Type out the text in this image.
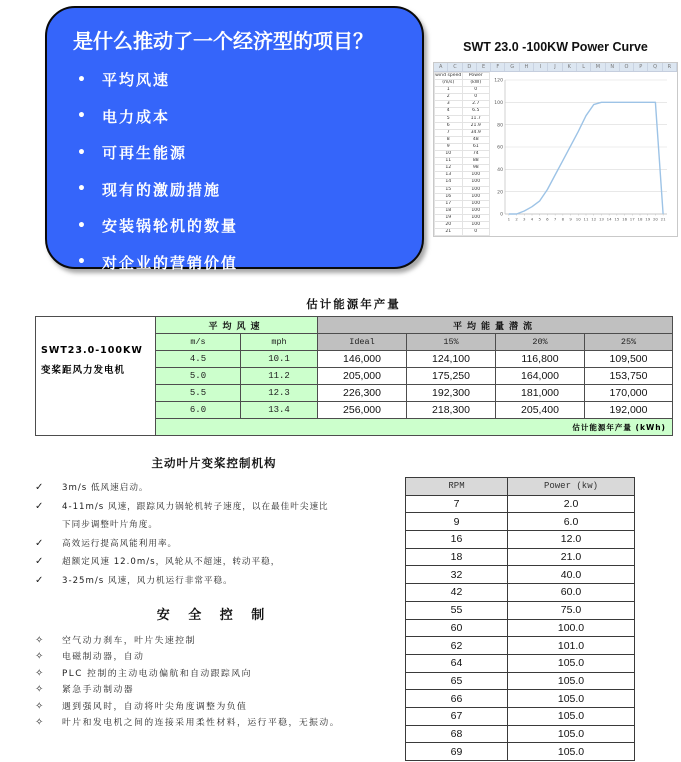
是什么推动了一个经济型的项目？
• 平均风速
• 电力成本
• 可再生能源
• 现有的激励措施
• 安装锅轮机的数量
• 对企业的营销价值
SWT 23.0 -100KW Power Curve
A	C	D	E	F	G	H	I	J	K	L	M	N	O	P	Q	R
wind speed	Power
(m/s)	(kW)
1	0
2	0
3	2.7
4	6.5
5	11.7
6	21.9
7	34.9
8	48
9	61
10	74
11	88
12	98
13	100
14	100
15	100
16	100
17	100
18	100
19	100
20	100
21	0
0
20
40
60
80
100
120
1 2 3 4 5 6 7 8 9 10 11 12 13 14 15 16 17 18 19 20 21
估计能源年产量
SWT23.0-100KW 变桨距风力发电机	平均风速		平均能量潜流			
	m/s	mph	Ideal	15%	20%	25%
	4.5	10.1	146,000	124,100	116,800	109,500
	5.0	11.2	205,000	175,250	164,000	153,750
	5.5	12.3	226,300	192,300	181,000	170,000
	6.0	13.4	256,000	218,300	205,400	192,000
	估计能源年产量 (kWh)					
主动叶片变桨控制机构
✓ 3m/s 低风速启动。
✓ 4-11m/s 风速，跟踪风力锅轮机转子速度，以在最佳叶尖速比下同步调整叶片角度。
✓ 高效运行提高风能利用率。
✓ 超额定风速 12.0m/s，风轮从不超速，转动平稳，
✓ 3-25m/s 风速，风力机运行非常平稳。
安 全 控 制
✧ 空气动力刹车，叶片失速控制
✧ 电磁制动器，自动
✧ PLC 控制的主动电动偏航和自动跟踪风向
✧ 紧急手动制动器
✧ 遇到强风时，自动将叶尖角度调整为负值
✧ 叶片和发电机之间的连接采用柔性材料，运行平稳，无振动。
RPM	Power (kw)
7	2.0
9	6.0
16	12.0
18	21.0
32	40.0
42	60.0
55	75.0
60	100.0
62	101.0
64	105.0
65	105.0
66	105.0
67	105.0
68	105.0
69	105.0
